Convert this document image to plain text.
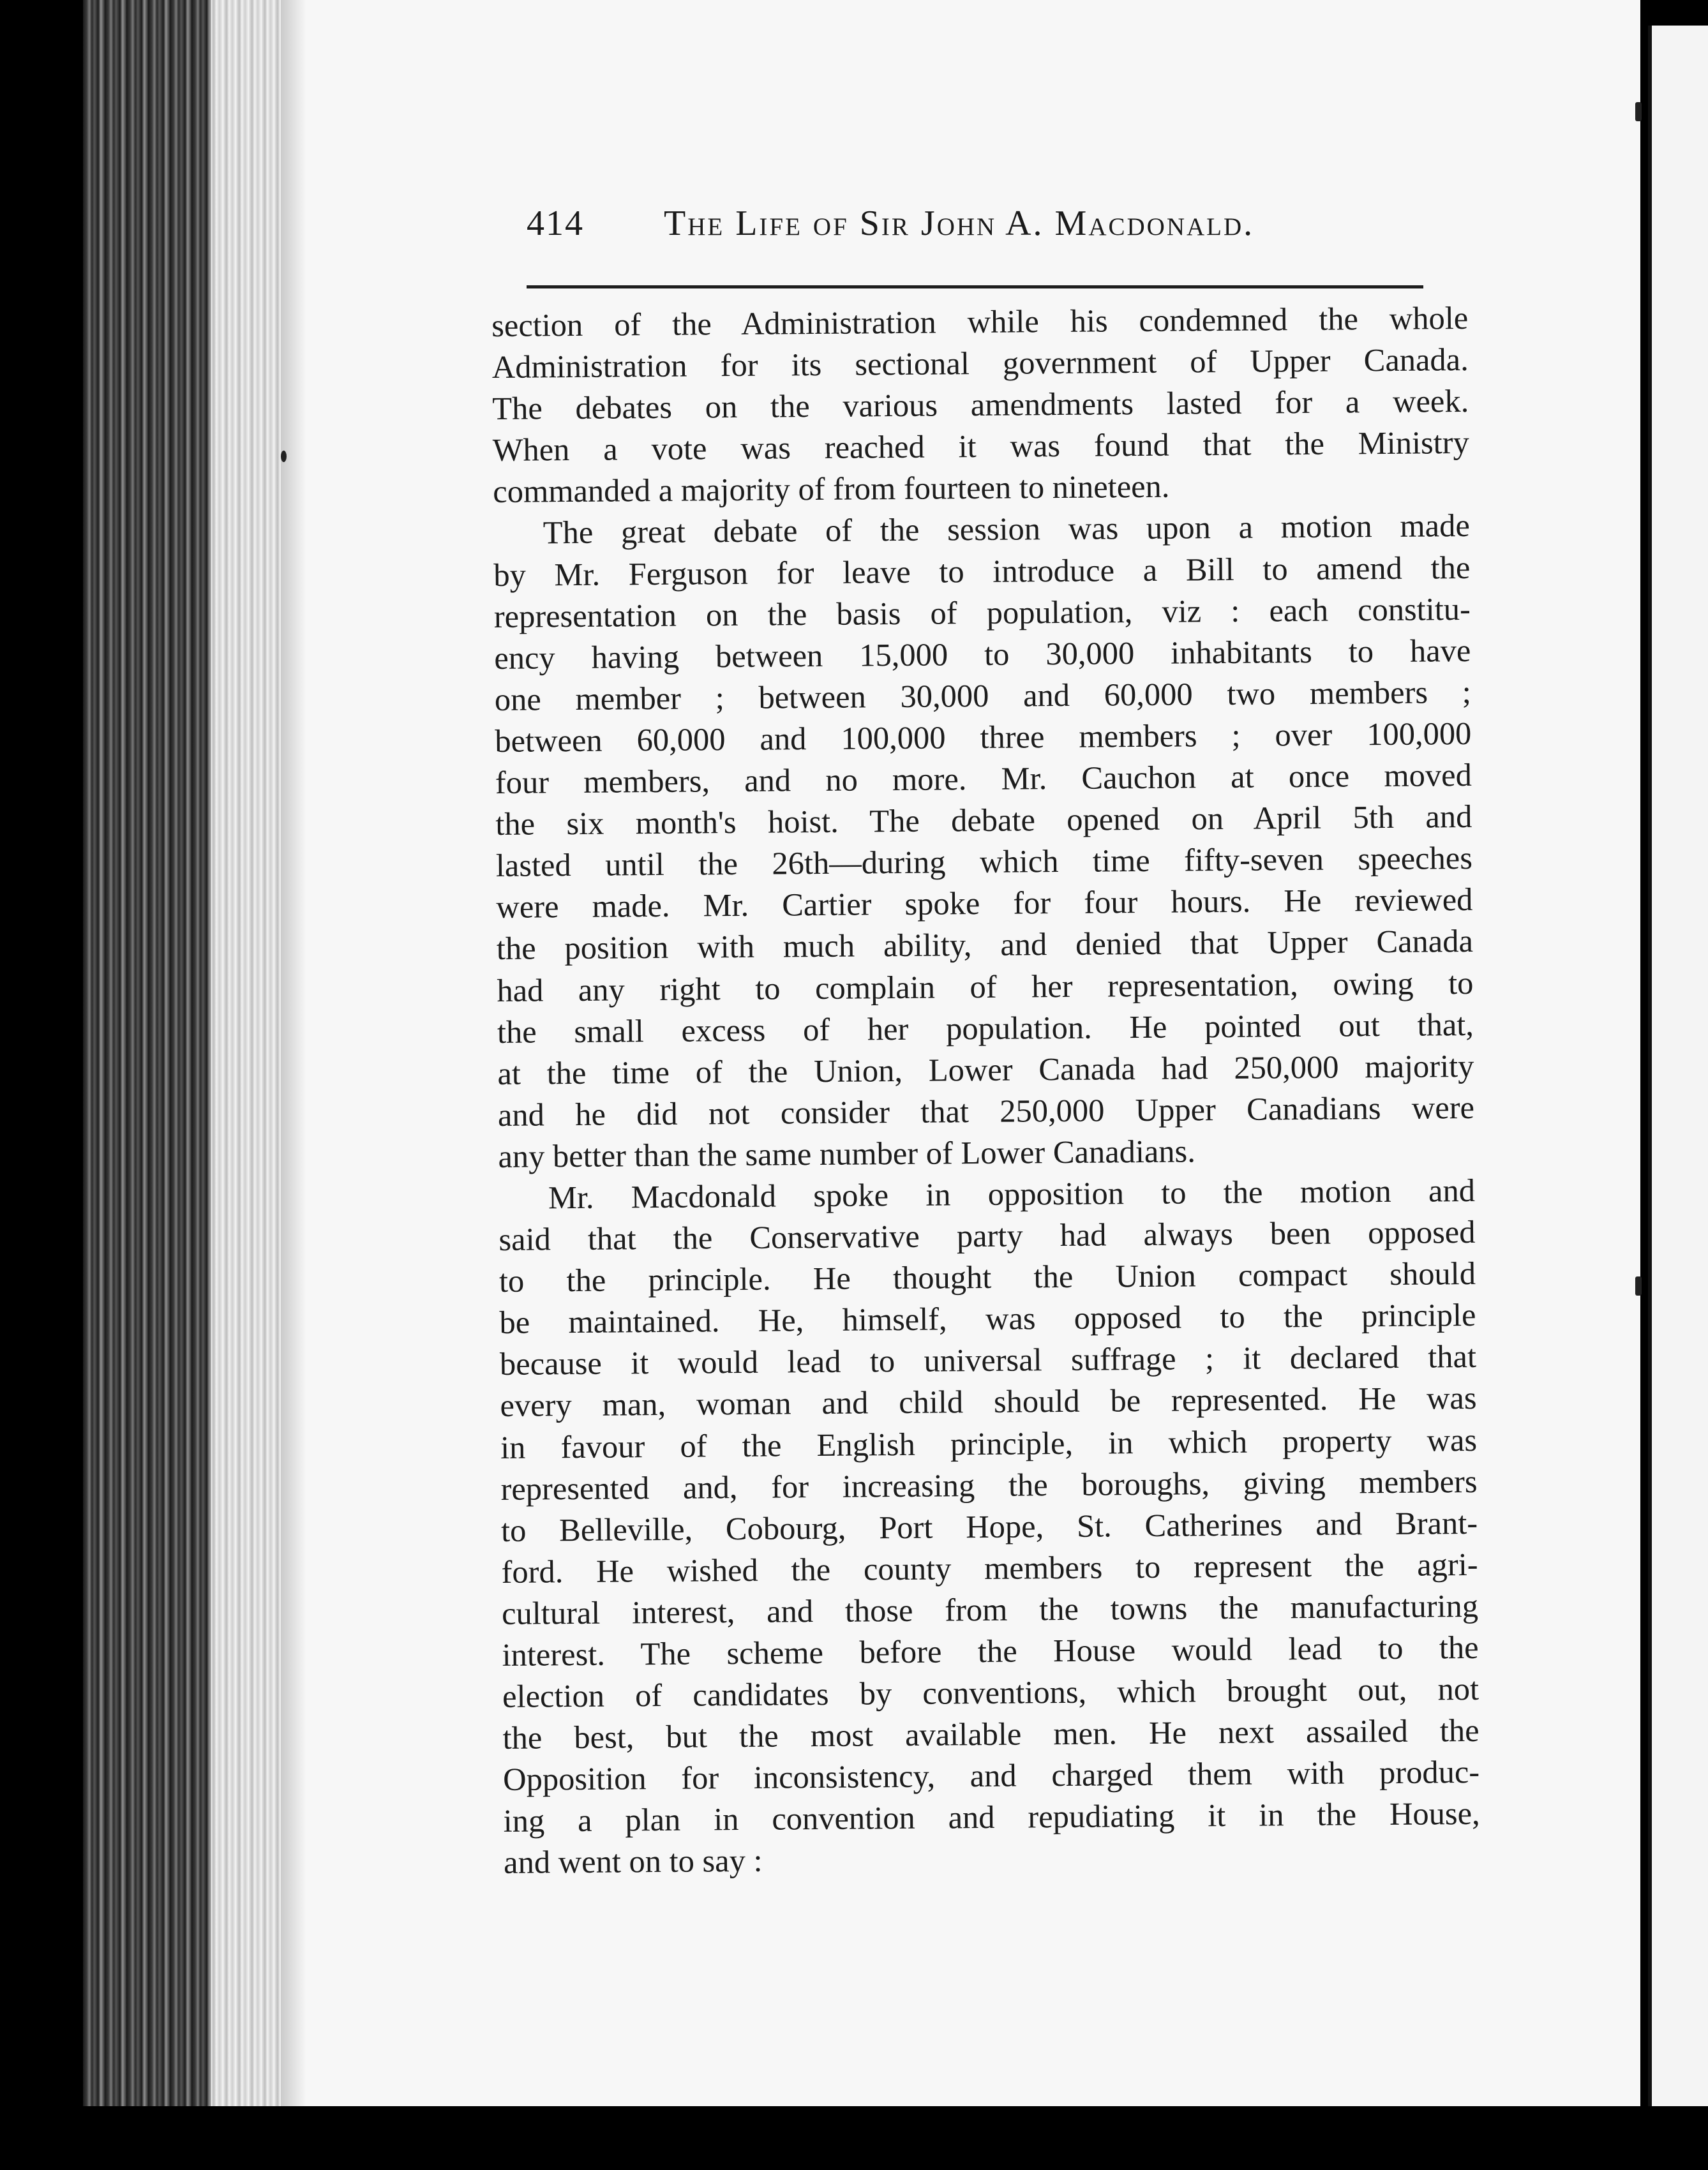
414 The Life of Sir John A. Macdonald.
section of the Administration while his condemned the whole
Administration for its sectional government of Upper Canada.
The debates on the various amendments lasted for a week.
When a vote was reached it was found that the Ministry
commanded a majority of from fourteen to nineteen.
The great debate of the session was upon a motion made
by Mr. Ferguson for leave to introduce a Bill to amend the
representation on the basis of population, viz : each constitu-
ency having between 15,000 to 30,000 inhabitants to have
one member ; between 30,000 and 60,000 two members ;
between 60,000 and 100,000 three members ; over 100,000
four members, and no more. Mr. Cauchon at once moved
the six month's hoist. The debate opened on April 5th and
lasted until the 26th—during which time fifty-seven speeches
were made. Mr. Cartier spoke for four hours. He reviewed
the position with much ability, and denied that Upper Canada
had any right to complain of her representation, owing to
the small excess of her population. He pointed out that,
at the time of the Union, Lower Canada had 250,000 majority
and he did not consider that 250,000 Upper Canadians were
any better than the same number of Lower Canadians.
Mr. Macdonald spoke in opposition to the motion and
said that the Conservative party had always been opposed
to the principle. He thought the Union compact should
be maintained. He, himself, was opposed to the principle
because it would lead to universal suffrage ; it declared that
every man, woman and child should be represented. He was
in favour of the English principle, in which property was
represented and, for increasing the boroughs, giving members
to Belleville, Cobourg, Port Hope, St. Catherines and Brant-
ford. He wished the county members to represent the agri-
cultural interest, and those from the towns the manufacturing
interest. The scheme before the House would lead to the
election of candidates by conventions, which brought out, not
the best, but the most available men. He next assailed the
Opposition for inconsistency, and charged them with produc-
ing a plan in convention and repudiating it in the House,
and went on to say :
